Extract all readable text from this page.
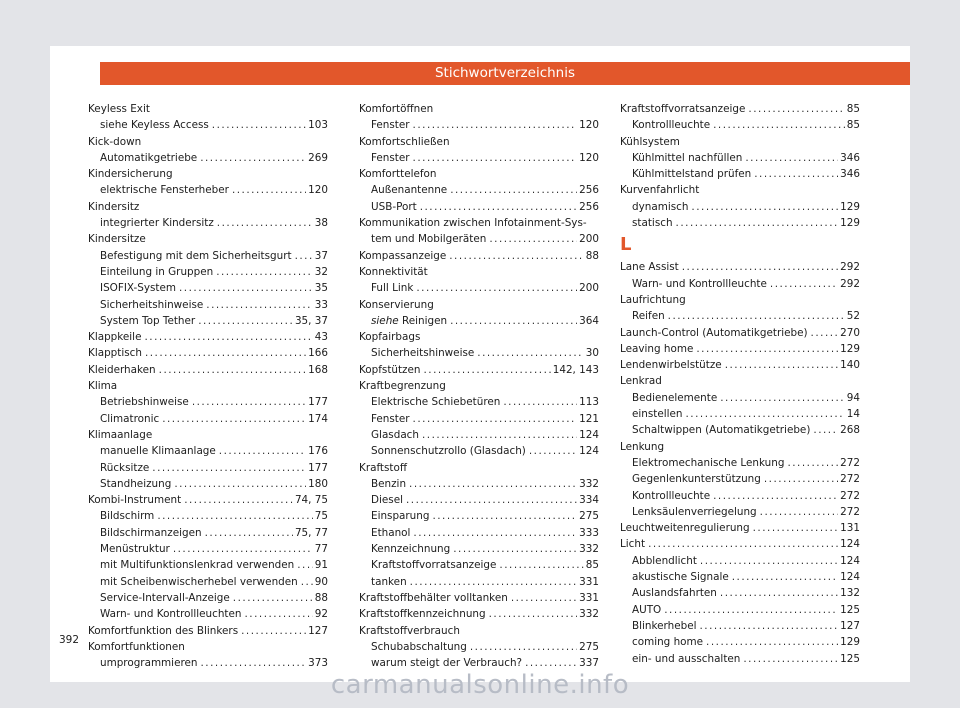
Stichwortverzeichnis
Keyless Exit
siehe Keyless Access .....	103
Kick-down
Automatikgetriebe .....	269
Kindersicherung
elektrische Fensterheber .....	120
Kindersitz
integrierter Kindersitz .....	38
Kindersitze
Befestigung mit dem Sicherheitsgurt ..... 37
Einteilung in Gruppen .....	32
ISOFIX-System .....	35
Sicherheitshinweise .....	33
System Top Tether .....	35, 37
Klappkeile .....	43
Klapptisch .....	166
Kleiderhaken .....	168
Klima
Betriebshinweise .....	177
Climatronic .....	174
Klimaanlage
manuelle Klimaanlage .....	176
Rücksitze .....	177
Standheizung .....	180
Kombi-Instrument .....	74, 75
Bildschirm .....	75
Bildschirmanzeigen .....	75, 77
Menüstruktur .....	77
mit Multifunktionslenkrad verwenden ..... 91
mit Scheibenwischerhebel verwenden ..... 90
Service-Intervall-Anzeige .....	88
Warn- und Kontrollleuchten .....	92
Komfortfunktion des Blinkers .....	127
Komfortfunktionen
umprogrammieren .....	373
Komfortöffnen
Fenster .....	120
Komfortschließen
Fenster .....	120
Komforttelefon
Außenantenne .....	256
USB-Port .....	256
Kommunikation zwischen Infotainment-Sys-
tem und Mobilgeräten .....	200
Kompassanzeige .....	88
Konnektivität
Full Link .....	200
Konservierung
siehe Reinigen .....	364
Kopfairbags
Sicherheitshinweise .....	30
Kopfstützen .....	142, 143
Kraftbegrenzung
Elektrische Schiebetüren .....	113
Fenster .....	121
Glasdach .....	124
Sonnenschutzrollo (Glasdach) .....	124
Kraftstoff
Benzin .....	332
Diesel .....	334
Einsparung .....	275
Ethanol .....	333
Kennzeichnung .....	332
Kraftstoffvorratsanzeige .....	85
tanken .....	331
Kraftstoffbehälter volltanken .....	331
Kraftstoffkennzeichnung .....	332
Kraftstoffverbrauch
Schubabschaltung .....	275
warum steigt der Verbrauch? .....	337
Kraftstoffvorratsanzeige .....	85
Kontrollleuchte .....	85
Kühlsystem
Kühlmittel nachfüllen .....	346
Kühlmittelstand prüfen .....	346
Kurvenfahrlicht
dynamisch .....	129
statisch .....	129
L
Lane Assist .....	292
Warn- und Kontrollleuchte .....	292
Laufrichtung
Reifen .....	52
Launch-Control (Automatikgetriebe) .....	270
Leaving home .....	129
Lendenwirbelstütze .....	140
Lenkrad
Bedienelemente .....	94
einstellen .....	14
Schaltwippen (Automatikgetriebe) .....	268
Lenkung
Elektromechanische Lenkung .....	272
Gegenlenkunterstützung .....	272
Kontrollleuchte .....	272
Lenksäulenverriegelung .....	272
Leuchtweitenregulierung .....	131
Licht .....	124
Abblendlicht .....	124
akustische Signale .....	124
Auslandsfahrten .....	132
AUTO .....	125
Blinkerhebel .....	127
coming home .....	129
ein- und ausschalten .....	125
392
carmanualsonline.info
